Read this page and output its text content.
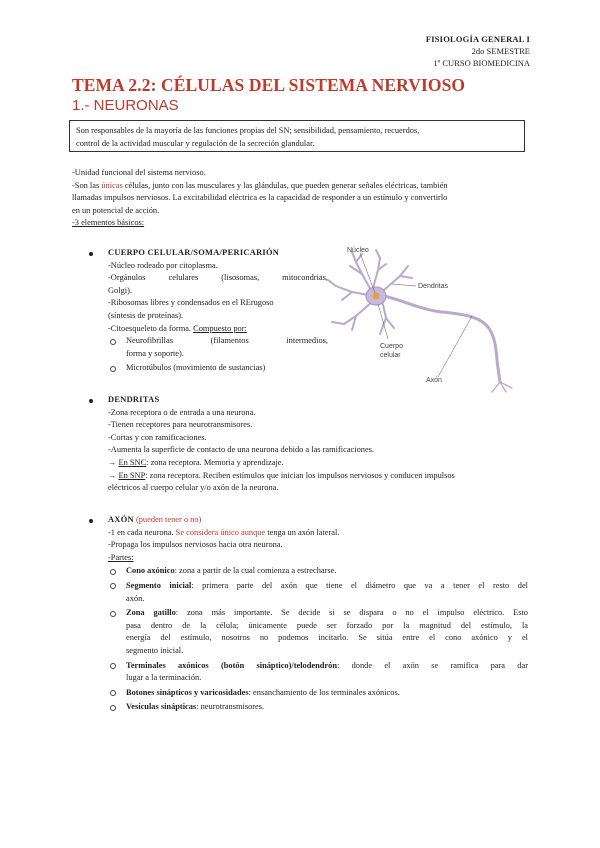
FISIOLOGÍA GENERAL I
2do SEMESTRE
1º CURSO BIOMEDICINA
TEMA 2.2: CÉLULAS DEL SISTEMA NERVIOSO
1.- NEURONAS
Son responsables de la mayoría de las funciones propias del SN; sensibilidad, pensamiento, recuerdos,
control de la actividad muscular y regulación de la secreción glandular.
-Unidad funcional del sistema nervioso.
-Son las únicas células, junto con las musculares y las glándulas, que pueden generar señales eléctricas, también
llamadas impulsos nerviosos. La excitabilidad eléctrica es la capacidad de responder a un estímulo y convertirlo
en un potencial de acción.
-3 elementos básicos:
CUERPO CELULAR/SOMA/PERICARIÓN
-Núcleo rodeado por citoplasma.
-Orgánulos celulares (lisosomas, mitocondrias,
Golgi).
-Ribosomas libres y condensados en el RErugoso
(síntesis de proteínas).
-Citoesqueleto da forma. Compuesto por:
Neurofibrillas (filamentos intermedios,
forma y soporte).
Microtúbulos (movimiento de sustancias)
Núcleo
Dendritas
Cuerpo
celular
Axón
DENDRITAS
-Zona receptora o de entrada a una neurona.
-Tienen receptores para neurotransmisores.
-Cortas y con ramificaciones.
-Aumenta la superficie de contacto de una neurona debido a las ramificaciones.
→ En SNC: zona receptora. Memoria y aprendizaje.
→ En SNP: zona receptora. Reciben estímulos que inician los impulsos nerviosos y conducen impulsos
eléctricos al cuerpo celular y/o axón de la neurona.
AXÓN (pueden tener o no)
-1 en cada neurona. Se considera único aunque tenga un axón lateral.
-Propaga los impulsos nerviosos hacia otra neurona.
-Partes:
Cono axónico: zona a partir de la cual comienza a estrecharse.
Segmento inicial: primera parte del axón que tiene el diámetro que va a tener el resto del
axón.
Zona gatillo: zona más importante. Se decide si se dispara o no el impulso eléctrico. Esto
pasa dentro de la célula; únicamente puede ser forzado por la magnitud del estímulo, la
energía del estímulo, nosotros no podemos incitarlo. Se sitúa entre el cono axónico y el
segmento inicial.
Terminales axónicos (botón sináptico)/telodendrón: donde el axón se ramifica para dar
lugar a la terminación.
Botones sinápticos y varicosidades: ensanchamiento de los terminales axónicos.
Vesículas sinápticas: neurotransmisores.
